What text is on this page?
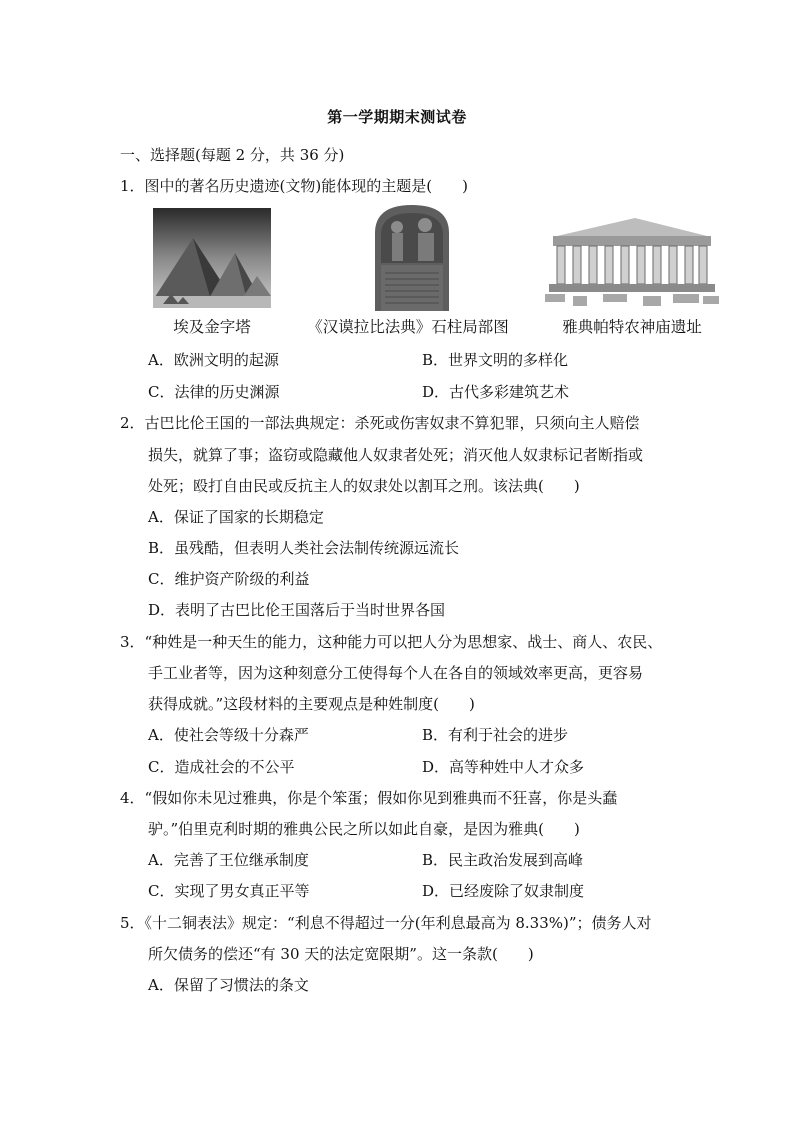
第一学期期末测试卷
一、选择题(每题 2 分，共 36 分)
1．图中的著名历史遗迹(文物)能体现的主题是(　　)
埃及金字塔	《汉谟拉比法典》石柱局部图	雅典帕特农神庙遗址
A．欧洲文明的起源	B．世界文明的多样化
C．法律的历史渊源	D．古代多彩建筑艺术
2．古巴比伦王国的一部法典规定：杀死或伤害奴隶不算犯罪，只须向主人赔偿
损失，就算了事；盗窃或隐藏他人奴隶者处死；消灭他人奴隶标记者断指或
处死；殴打自由民或反抗主人的奴隶处以割耳之刑。该法典(　　)
A．保证了国家的长期稳定
B．虽残酷，但表明人类社会法制传统源远流长
C．维护资产阶级的利益
D．表明了古巴比伦王国落后于当时世界各国
3．“种姓是一种天生的能力，这种能力可以把人分为思想家、战士、商人、农民、
手工业者等，因为这种刻意分工使得每个人在各自的领域效率更高，更容易
获得成就。”这段材料的主要观点是种姓制度(　　)
A．使社会等级十分森严	B．有利于社会的进步
C．造成社会的不公平	D．高等种姓中人才众多
4．“假如你未见过雅典，你是个笨蛋；假如你见到雅典而不狂喜，你是头蠢
驴。”伯里克利时期的雅典公民之所以如此自豪，是因为雅典(　　)
A．完善了王位继承制度	B．民主政治发展到高峰
C．实现了男女真正平等	D．已经废除了奴隶制度
5．《十二铜表法》规定：“利息不得超过一分(年利息最高为 8.33%)”；债务人对
所欠债务的偿还“有 30 天的法定宽限期”。这一条款(　　)
A．保留了习惯法的条文
